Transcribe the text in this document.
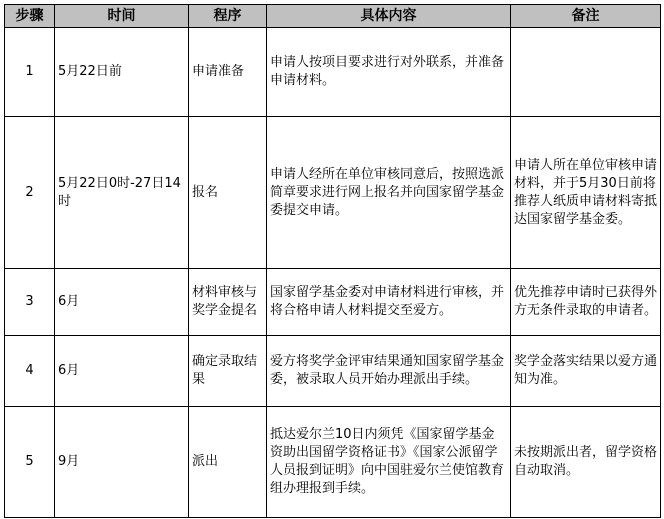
步骤	时间	程序	具体内容	备注
1	5月22日前	申请准备	申请人按项目要求进行对外联系，并准备申请材料。	
2	5月22日0时-27日14时	报名	申请人经所在单位审核同意后，按照选派简章要求进行网上报名并向国家留学基金委提交申请。	申请人所在单位审核申请材料，并于5月30日前将推荐人纸质申请材料寄抵达国家留学基金委。
3	6月	材料审核与奖学金提名	国家留学基金委对申请材料进行审核，并将合格申请人材料提交至爱方。	优先推荐申请时已获得外方无条件录取的申请者。
4	6月	确定录取结果	爱方将奖学金评审结果通知国家留学基金委，被录取人员开始办理派出手续。	奖学金落实结果以爱方通知为准。
5	9月	派出	抵达爱尔兰10日内须凭《国家留学基金资助出国留学资格证书》《国家公派留学人员报到证明》向中国驻爱尔兰使馆教育组办理报到手续。	未按期派出者，留学资格自动取消。
